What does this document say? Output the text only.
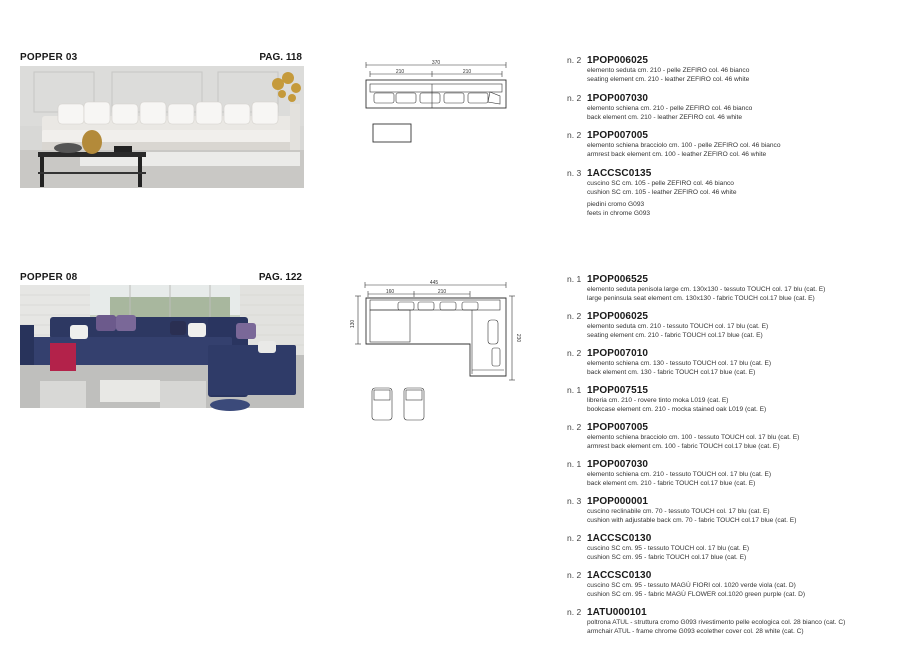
POPPER 03	PAG. 118	370
210	210
n. 2 1POP006025
elemento seduta cm. 210 - pelle ZEFIRO col. 46 bianco
seating element cm. 210 - leather ZEFIRO col. 46 white
n. 2 1POP007030
elemento schiena cm. 210 - pelle ZEFIRO col. 46 bianco
back element cm. 210 - leather ZEFIRO col. 46 white
n. 2 1POP007005
elemento schiena bracciolo cm. 100 - pelle ZEFIRO col. 46 bianco
armrest back element cm. 100 - leather ZEFIRO col. 46 white
n. 3 1ACCSC0135
cuscino SC cm. 105 - pelle ZEFIRO col. 46 bianco
cushion SC cm. 105 - leather ZEFIRO col. 46 white
piedini cromo G093
feets in chrome G093
POPPER 08	PAG. 122	445
160	210
130
230
n. 1 1POP006525
elemento seduta penisola large cm. 130x130 - tessuto TOUCH col. 17 blu (cat. E)
large peninsula seat element cm. 130x130 - fabric TOUCH col.17 blue (cat. E)
n. 2 1POP006025
elemento seduta cm. 210 - tessuto TOUCH col. 17 blu (cat. E)
seating element cm. 210 - fabric TOUCH col.17 blue (cat. E)
n. 2 1POP007010
elemento schiena cm. 130 - tessuto TOUCH col. 17 blu (cat. E)
back element cm. 130 - fabric TOUCH col.17 blue (cat. E)
n. 1 1POP007515
libreria cm. 210 - rovere tinto moka L019 (cat. E)
bookcase element cm. 210 - mocka stained oak L019 (cat. E)
n. 2 1POP007005
elemento schiena bracciolo cm. 100 - tessuto TOUCH col. 17 blu (cat. E)
armrest back element cm. 100 - fabric TOUCH col.17 blue (cat. E)
n. 1 1POP007030
elemento schiena cm. 210 - tessuto TOUCH col. 17 blu (cat. E)
back element cm. 210 - fabric TOUCH col.17 blue (cat. E)
n. 3 1POP000001
cuscino reclinabile cm. 70 - tessuto TOUCH col. 17 blu (cat. E)
cushion with adjustable back cm. 70 - fabric TOUCH col.17 blue (cat. E)
n. 2 1ACCSC0130
cuscino SC cm. 95 - tessuto TOUCH col. 17 blu (cat. E)
cushion SC cm. 95 - fabric TOUCH col.17 blue (cat. E)
n. 2 1ACCSC0130
cuscino SC cm. 95 - tessuto MAGÙ FIORI col. 1020 verde viola (cat. D)
cushion SC cm. 95 - fabric MAGÙ FLOWER col.1020 green purple (cat. D)
n. 2 1ATU000101
poltrona ATUL - struttura cromo G093 rivestimento pelle ecologica col. 28 bianco (cat. C)
armchair ATUL - frame chrome G093 ecolether cover col. 28 white (cat. C)
